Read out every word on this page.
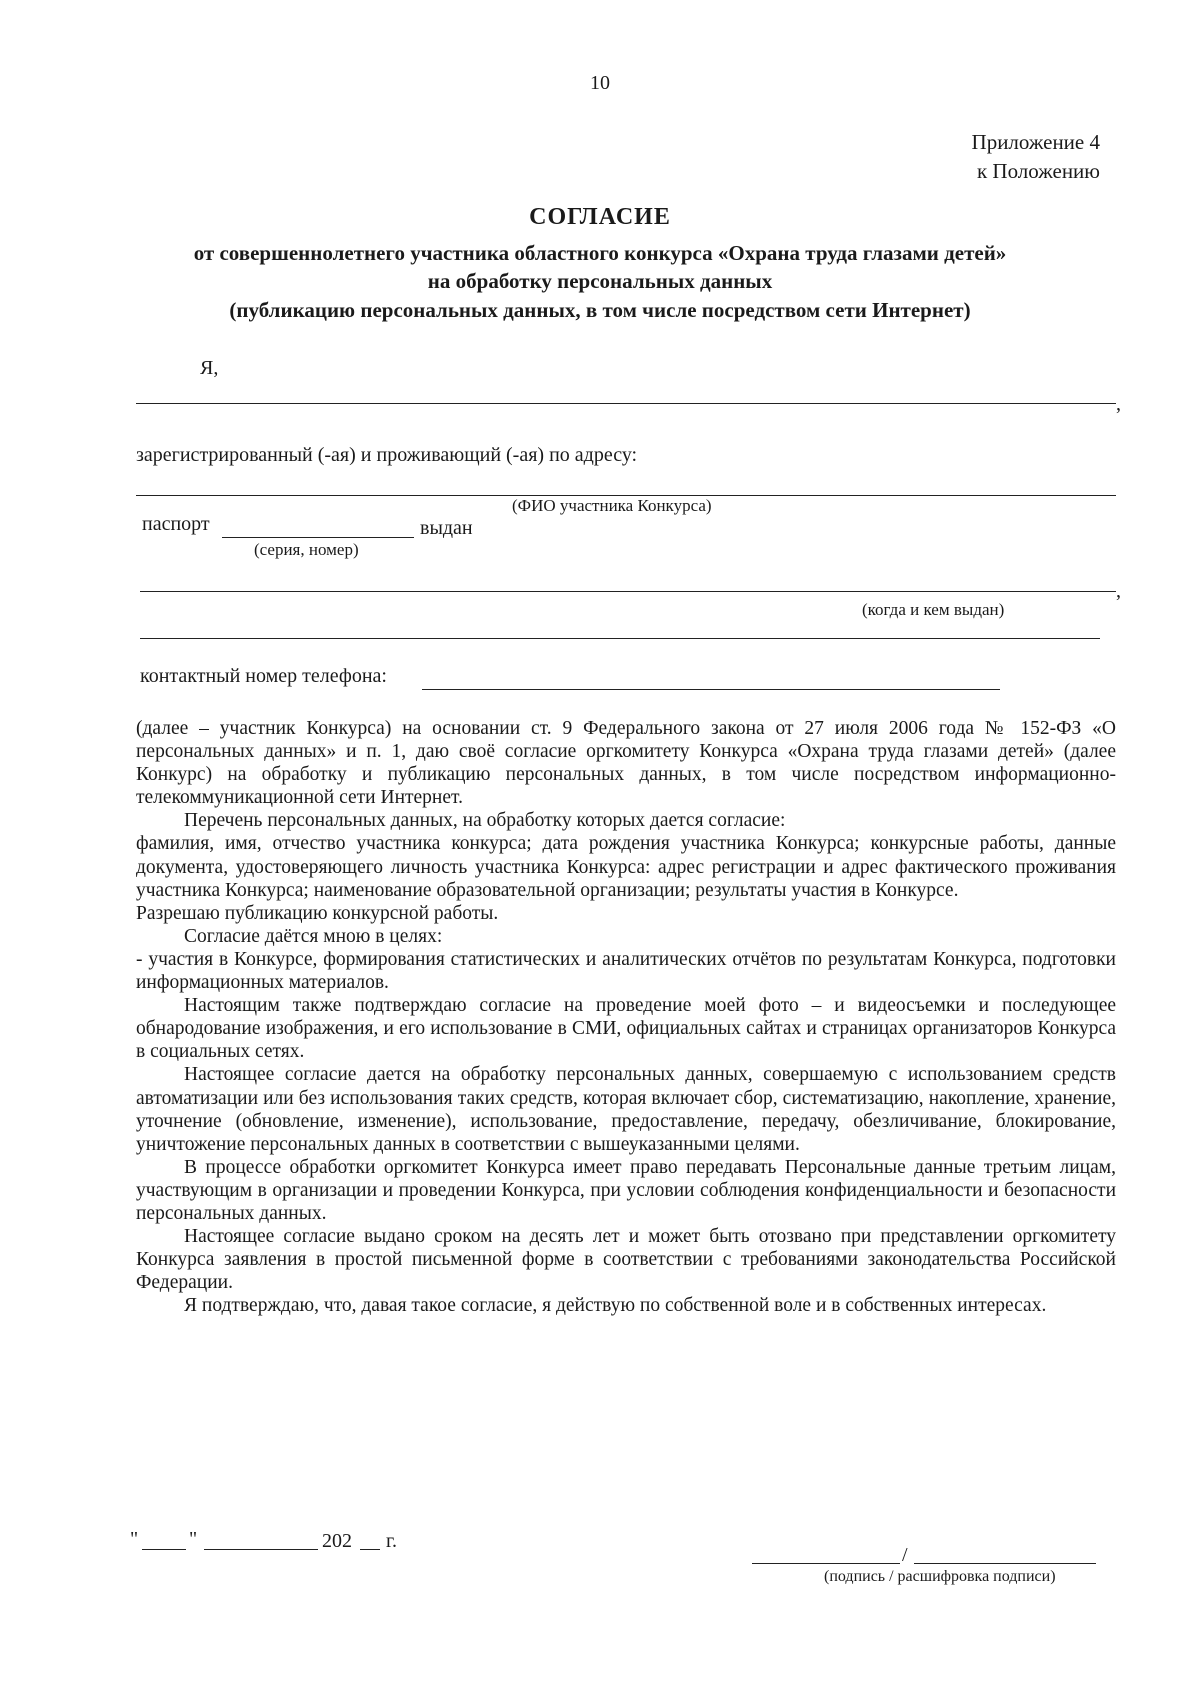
10
Приложение 4
к Положению
СОГЛАСИЕ
от совершеннолетнего участника областного конкурса «Охрана труда глазами детей»
на обработку персональных данных
(публикацию персональных данных, в том числе посредством сети Интернет)
Я,
,
зарегистрированный (-ая) и проживающий (-ая) по адресу:
(ФИО участника Конкурса)
паспорт	выдан
(серия, номер)
,
(когда и кем выдан)
контактный номер телефона:

(далее – участник Конкурса) на основании ст. 9 Федерального закона от 27 июля 2006 года № 152-ФЗ «О персональных данных» и п. 1, даю своё согласие оргкомитету Конкурса «Охрана труда глазами детей» (далее Конкурс) на обработку и публикацию персональных данных, в том числе посредством информационно-телекоммуникационной сети Интернет.

Перечень персональных данных, на обработку которых дается согласие:

фамилия, имя, отчество участника конкурса; дата рождения участника Конкурса; конкурсные работы, данные документа, удостоверяющего личность участника Конкурса: адрес регистрации и адрес фактического проживания участника Конкурса; наименование образовательной организации; результаты участия в Конкурсе.

Разрешаю публикацию конкурсной работы.

Согласие даётся мною в целях:

- участия в Конкурсе, формирования статистических и аналитических отчётов по результатам Конкурса, подготовки информационных материалов.

Настоящим также подтверждаю согласие на проведение моей фото – и видеосъемки и последующее обнародование изображения, и его использование в СМИ, официальных сайтах и страницах организаторов Конкурса в социальных сетях.

Настоящее согласие дается на обработку персональных данных, совершаемую с использованием средств автоматизации или без использования таких средств, которая включает сбор, систематизацию, накопление, хранение, уточнение (обновление, изменение), использование, предоставление, передачу, обезличивание, блокирование, уничтожение персональных данных в соответствии с вышеуказанными целями.

В процессе обработки оргкомитет Конкурса имеет право передавать Персональные данные третьим лицам, участвующим в организации и проведении Конкурса, при условии соблюдения конфиденциальности и безопасности персональных данных.

Настоящее согласие выдано сроком на десять лет и может быть отозвано при представлении оргкомитету Конкурса заявления в простой письменной форме в соответствии с требованиями законодательства Российской Федерации.

Я подтверждаю, что, давая такое согласие, я действую по собственной воле и в собственных интересах.

"	"	202 г.
/
(подпись / расшифровка подписи)
